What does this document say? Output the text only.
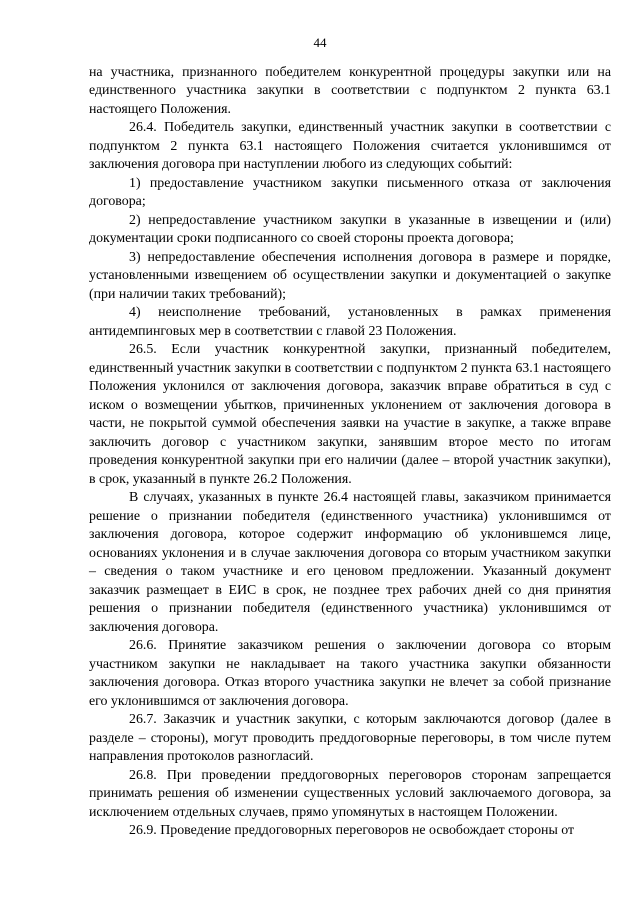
44

на участника, признанного победителем конкурентной процедуры закупки или на единственного участника закупки в соответствии с подпунктом 2 пункта 63.1 настоящего Положения.

26.4. Победитель закупки, единственный участник закупки в соответствии с подпунктом 2 пункта 63.1 настоящего Положения считается уклонившимся от заключения договора при наступлении любого из следующих событий:

1) предоставление участником закупки письменного отказа от заключения договора;

2) непредоставление участником закупки в указанные в извещении и (или) документации сроки подписанного со своей стороны проекта договора;

3) непредоставление обеспечения исполнения договора в размере и порядке, установленными извещением об осуществлении закупки и документацией о закупке (при наличии таких требований);

4) неисполнение требований, установленных в рамках применения антидемпинговых мер в соответствии с главой 23 Положения.

26.5. Если участник конкурентной закупки, признанный победителем, единственный участник закупки в соответствии с подпунктом 2 пункта 63.1 настоящего Положения уклонился от заключения договора, заказчик вправе обратиться в суд с иском о возмещении убытков, причиненных уклонением от заключения договора в части, не покрытой суммой обеспечения заявки на участие в закупке, а также вправе заключить договор с участником закупки, занявшим второе место по итогам проведения конкурентной закупки при его наличии (далее – второй участник закупки), в срок, указанный в пункте 26.2 Положения.

В случаях, указанных в пункте 26.4 настоящей главы, заказчиком принимается решение о признании победителя (единственного участника) уклонившимся от заключения договора, которое содержит информацию об уклонившемся лице, основаниях уклонения и в случае заключения договора со вторым участником закупки – сведения о таком участнике и его ценовом предложении. Указанный документ заказчик размещает в ЕИС в срок, не позднее трех рабочих дней со дня принятия решения о признании победителя (единственного участника) уклонившимся от заключения договора.

26.6. Принятие заказчиком решения о заключении договора со вторым участником закупки не накладывает на такого участника закупки обязанности заключения договора. Отказ второго участника закупки не влечет за собой признание его уклонившимся от заключения договора.

26.7. Заказчик и участник закупки, с которым заключаются договор (далее в разделе – стороны), могут проводить преддоговорные переговоры, в том числе путем направления протоколов разногласий.

26.8. При проведении преддоговорных переговоров сторонам запрещается принимать решения об изменении существенных условий заключаемого договора, за исключением отдельных случаев, прямо упомянутых в настоящем Положении.

26.9. Проведение преддоговорных переговоров не освобождает стороны от
